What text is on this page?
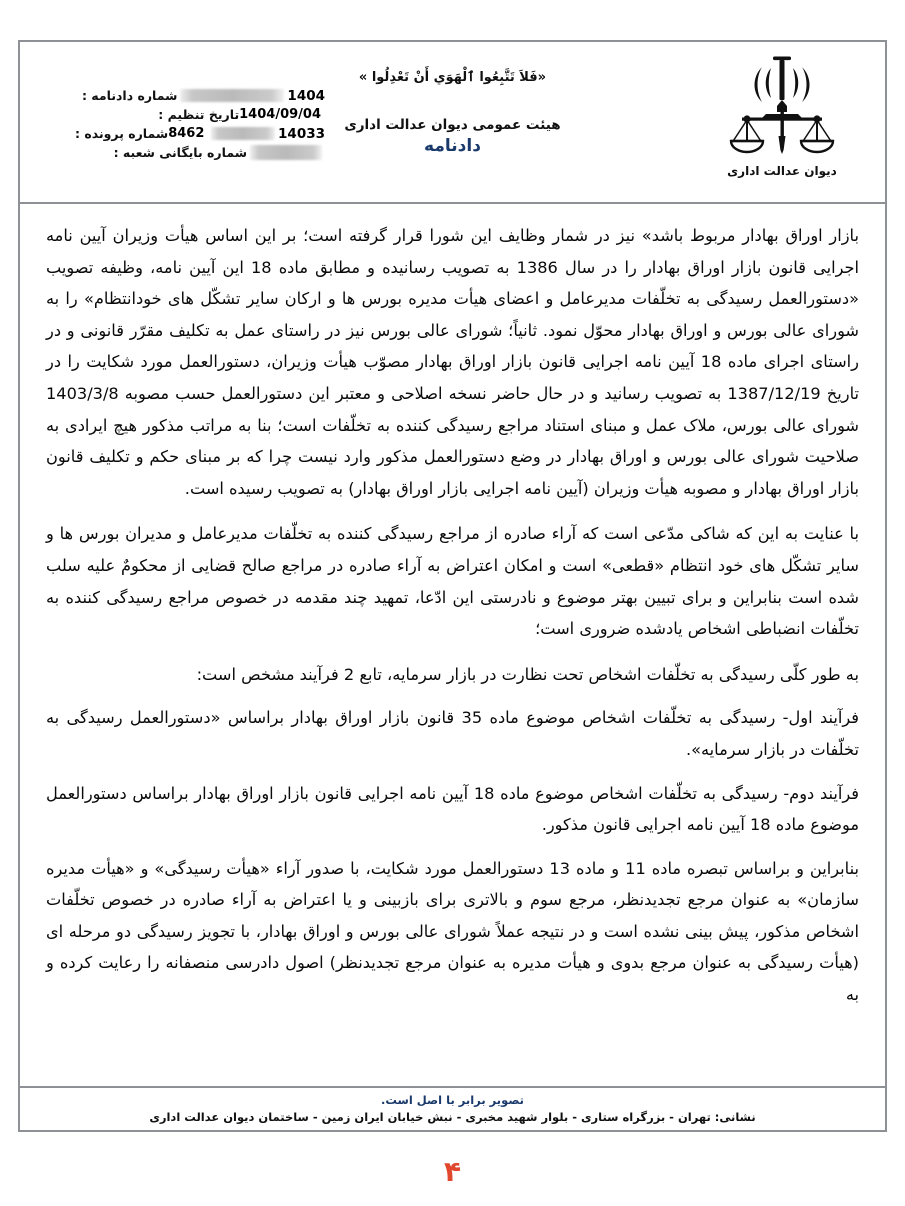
1404
شماره دادنامه :
1404/09/04
تاریخ تنظیم :
14033
8462
شماره پرونده :
شماره بایگانی شعبه :
«فَلاَ تَتَّبِعُوا ٱلْهَوَي أَنْ تَعْدِلُوا »
هیئت عمومی دیوان عدالت اداری
دادنامه
دیوان عدالت اداری

بازار اوراق بهادار مربوط باشد» نیز در شمار وظایف این شورا قرار گرفته است؛ بر این اساس هیأت وزیران آیین نامه اجرایی قانون بازار اوراق بهادار را در سال 1386 به تصویب رسانیده و مطابق ماده 18 این آیین نامه، وظیفه تصویب «دستورالعمل رسیدگی به تخلّفات مدیرعامل و اعضای هیأت مدیره بورس ها و ارکان سایر تشکّل های خودانتظام» را به شورای عالی بورس و اوراق بهادار محوّل نمود. ثانیاً؛ شورای عالی بورس نیز در راستای عمل به تکلیف مقرّر قانونی و در راستای اجرای ماده 18 آیین نامه اجرایی قانون بازار اوراق بهادار مصوّب هیأت وزیران، دستورالعمل مورد شکایت را در تاریخ 1387/12/19 به تصویب رسانید و در حال حاضر نسخه اصلاحی و معتبر این دستورالعمل حسب مصوبه 1403/3/8 شورای عالی بورس، ملاک عمل و مبنای استناد مراجع رسیدگی کننده به تخلّفات است؛ بنا به مراتب مذکور هیچ ایرادی به صلاحیت شورای عالی بورس و اوراق بهادار در وضع دستورالعمل مذکور وارد نیست چرا که بر مبنای حکم و تکلیف قانون بازار اوراق بهادار و مصوبه هیأت وزیران (آیین نامه اجرایی بازار اوراق بهادار) به تصویب رسیده است.

با عنایت به این که شاکی مدّعی است که آراء صادره از مراجع رسیدگی کننده به تخلّفات مدیرعامل و مدیران بورس ها و سایر تشکّل های خود انتظام «قطعی» است و امکان اعتراض به آراء صادره در مراجع صالح قضایی از محکومٌ علیه سلب شده است بنابراین و برای تبیین بهتر موضوع و نادرستی این ادّعا، تمهید چند مقدمه در خصوص مراجع رسیدگی کننده به تخلّفات انضباطی اشخاص یادشده ضروری است؛

به طور کلّی رسیدگی به تخلّفات اشخاص تحت نظارت در بازار سرمایه، تابع 2 فرآیند مشخص است:

فرآیند اول- رسیدگی به تخلّفات اشخاص موضوع ماده 35 قانون بازار اوراق بهادار براساس «دستورالعمل رسیدگی به تخلّفات در بازار سرمایه».

فرآیند دوم- رسیدگی به تخلّفات اشخاص موضوع ماده 18 آیین نامه اجرایی قانون بازار اوراق بهادار براساس دستورالعمل موضوع ماده 18 آیین نامه اجرایی قانون مذکور.

بنابراین و براساس تبصره ماده 11 و ماده 13 دستورالعمل مورد شکایت، با صدور آراء «هیأت رسیدگی» و «هیأت مدیره سازمان» به عنوان مرجع تجدیدنظر، مرجع سوم و بالاتری برای بازبینی و یا اعتراض به آراء صادره در خصوص تخلّفات اشخاص مذکور، پیش بینی نشده است و در نتیجه عملاً شورای عالی بورس و اوراق بهادار، با تجویز رسیدگی دو مرحله ای (هیأت رسیدگی به عنوان مرجع بدوی و هیأت مدیره به عنوان مرجع تجدیدنظر) اصول دادرسی منصفانه را رعایت کرده و به

تصویر برابر با اصل است.
نشانی: تهران - بزرگراه ستاری - بلوار شهید مخبری - نبش خیابان ایران زمین - ساختمان دیوان عدالت اداری
۴
